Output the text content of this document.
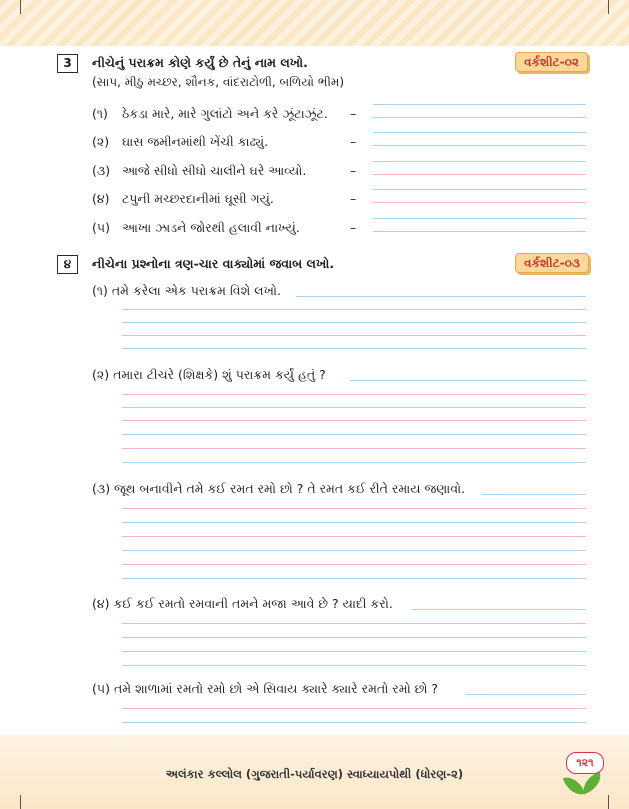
3	નીચેનું પરાક્રમ કોણે કર્યું છે તેનું નામ લખો.
(સાપ, મીઠુ મચ્છર, શૌનક, વાંદરાટોળી, બળિયો ભીમ)
વર્કશીટ-૦૨
(૧) ઠેકડા મારે, મારે ગુલાંટો અને કરે ઝૂંટાઝૂંટ. –
(૨) ઘાસ જમીનમાંથી ખેંચી કાઢ્યું.	–
(૩) આજે સીધો સીધો ચાલીને ઘરે આવ્યો.	–
(૪) ટપુની મચ્છરદાનીમાં ઘૂસી ગયું.	–
(૫) આખા ઝાડને જોરથી હલાવી નાખ્યું.	–
૪	નીચેના પ્રશ્નોના ત્રણ-ચાર વાક્યોમાં જવાબ લખો.	વર્કશીટ-૦૩
(૧) તમે કરેલા એક પરાક્રમ વિશે લખો.
(૨) તમારા ટીચરે (શિક્ષકે) શું પરાક્રમ કર્યું હતું ?
(૩) જૂથ બનાવીને તમે કઈ રમત રમો છો ? તે રમત કઈ રીતે રમાય જણાવો.
(૪) કઈ કઈ રમતો રમવાની તમને મજા આવે છે ? યાદી કરો.
(૫) તમે શાળામાં રમતો રમો છો એ સિવાય ક્યારે ક્યારે રમતો રમો છો ?
અલંકાર કલ્લોલ (ગુજરાતી-પર્યાવરણ) સ્વાધ્યાયપોથી (ધોરણ-૨)
૧૨૧
